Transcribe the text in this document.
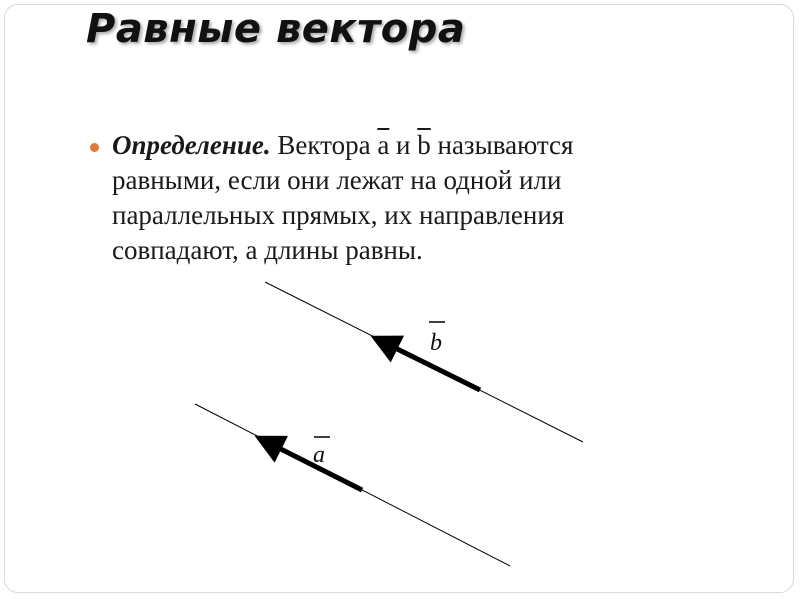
Равные вектора
Определение. Вектора $\overline{a}$ и $\overline{b}$ называются равными, если они лежат на одной или параллельных прямых, их направления совпадают, а длины равны.
b
a
